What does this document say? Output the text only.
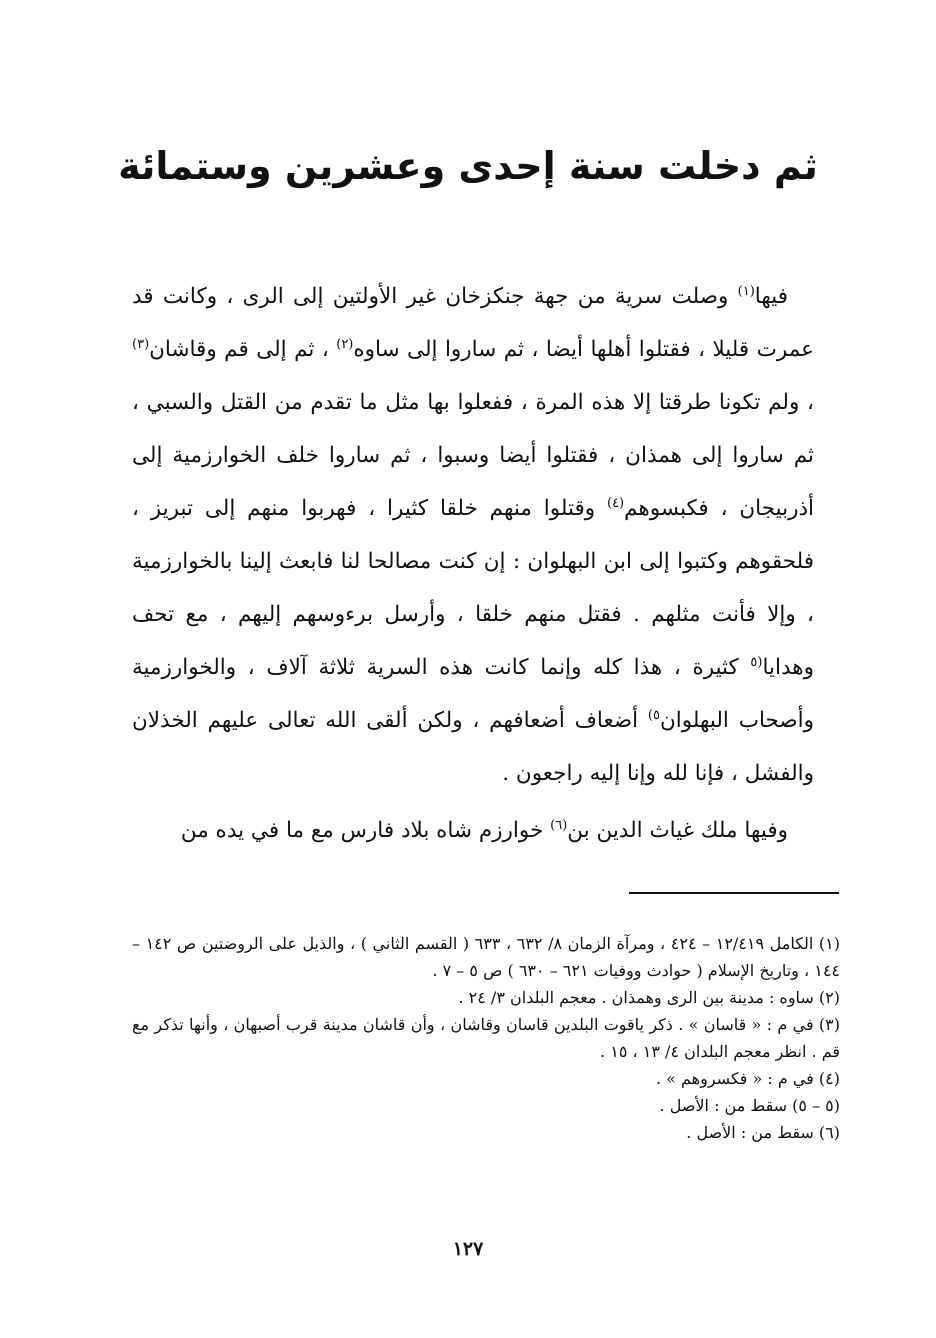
ثم دخلت سنة إحدى وعشرين وستمائة

فيها$^{(١)}$ وصلت سرية من جهة جنكزخان غير الأولتين إلى الرى ، وكانت قد عمرت قليلا ، فقتلوا أهلها أيضا ، ثم ساروا إلى ساوه$^{(٢)}$ ، ثم إلى قم وقاشان$^{(٣)}$ ، ولم تكونا طرقتا إلا هذه المرة ، ففعلوا بها مثل ما تقدم من القتل والسبي ، ثم ساروا إلى همذان ، فقتلوا أيضا وسبوا ، ثم ساروا خلف الخوارزمية إلى أذربيجان ، فكبسوهم$^{(٤)}$ وقتلوا منهم خلقا كثيرا ، فهربوا منهم إلى تبريز ، فلحقوهم وكتبوا إلى ابن البهلوان : إن كنت مصالحا لنا فابعث إلينا بالخوارزمية ، وإلا فأنت مثلهم . فقتل منهم خلقا ، وأرسل برءوسهم إليهم ، مع تحف وهدايا$^{(٥}$ كثيرة ، هذا كله وإنما كانت هذه السرية ثلاثة آلاف ، والخوارزمية وأصحاب البهلوان$^{٥)}$ أضعاف أضعافهم ، ولكن ألقى الله تعالى عليهم الخذلان والفشل ، فإنا لله وإنا إليه راجعون .

وفيها ملك غياث الدين بن$^{(٦)}$ خوارزم شاه بلاد فارس مع ما في يده من

(١) الكامل ١٢/٤١٩ – ٤٢٤ ، ومرآة الزمان ٨/ ٦٣٢ ، ٦٣٣ ( القسم الثاني ) ، والذيل على الروضتين ص ١٤٢ – ١٤٤ ، وتاريخ الإسلام ( حوادث ووفيات ٦٢١ – ٦٣٠ ) ص ٥ – ٧ .

(٢) ساوه : مدينة بين الرى وهمذان . معجم البلدان ٣/ ٢٤ .

(٣) في م : « قاسان » . ذكر ياقوت البلدين قاسان وقاشان ، وأن قاشان مدينة قرب أصبهان ، وأنها تذكر مع قم . انظر معجم البلدان ٤/ ١٣ ، ١٥ .

(٤) في م : « فكسروهم » .

(٥ – ٥) سقط من : الأصل .

(٦) سقط من : الأصل .

١٢٧
